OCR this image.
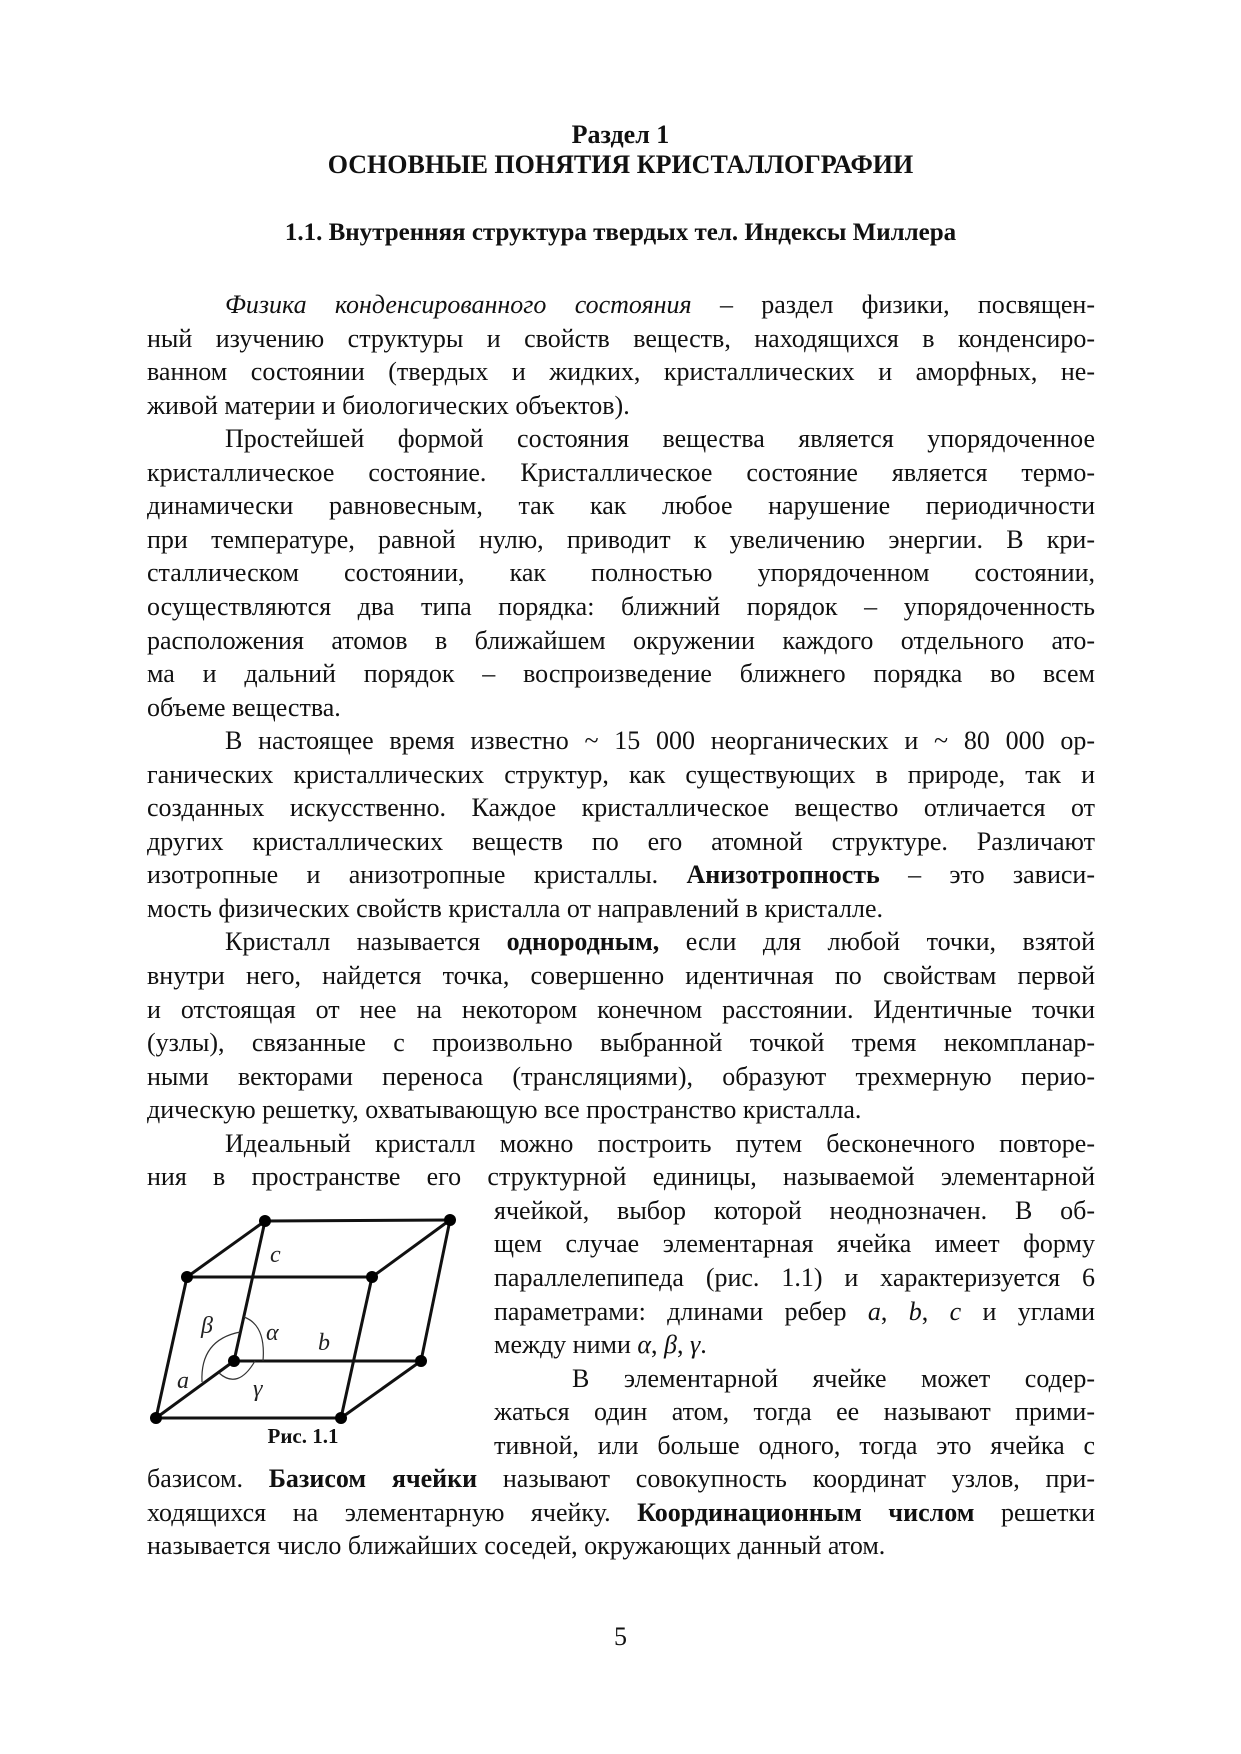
Раздел 1
ОСНОВНЫЕ ПОНЯТИЯ КРИСТАЛЛОГРАФИИ
1.1. Внутренняя структура твердых тел. Индексы Миллера
Физика конденсированного состояния – раздел физики, посвящен-
ный изучению структуры и свойств веществ, находящихся в конденсиро-
ванном состоянии (твердых и жидких, кристаллических и аморфных, не-
живой материи и биологических объектов).
Простейшей формой состояния вещества является упорядоченное
кристаллическое состояние. Кристаллическое состояние является термо-
динамически равновесным, так как любое нарушение периодичности
при температуре, равной нулю, приводит к увеличению энергии. В кри-
сталлическом состоянии, как полностью упорядоченном состоянии,
осуществляются два типа порядка: ближний порядок – упорядоченность
расположения атомов в ближайшем окружении каждого отдельного ато-
ма и дальний порядок – воспроизведение ближнего порядка во всем
объеме вещества.
В настоящее время известно ~ 15 000 неорганических и ~ 80 000 ор-
ганических кристаллических структур, как существующих в природе, так и
созданных искусственно. Каждое кристаллическое вещество отличается от
других кристаллических веществ по его атомной структуре. Различают
изотропные и анизотропные кристаллы. Анизотропность – это зависи-
мость физических свойств кристалла от направлений в кристалле.
Кристалл называется однородным, если для любой точки, взятой
внутри него, найдется точка, совершенно идентичная по свойствам первой
и отстоящая от нее на некотором конечном расстоянии. Идентичные точки
(узлы), связанные с произвольно выбранной точкой тремя некомпланар-
ными векторами переноса (трансляциями), образуют трехмерную перио-
дическую решетку, охватывающую все пространство кристалла.
Идеальный кристалл можно построить путем бесконечного повторе-
ния в пространстве его структурной единицы, называемой элементарной
ячейкой, выбор которой неоднозначен. В об-
щем случае элементарная ячейка имеет форму
параллелепипеда (рис. 1.1) и характеризуется 6
параметрами: длинами ребер a, b, c и углами
между ними α, β, γ.
В элементарной ячейке может содер-
жаться один атом, тогда ее называют прими-
тивной, или больше одного, тогда это ячейка с
базисом. Базисом ячейки называют совокупность координат узлов, при-
ходящихся на элементарную ячейку. Координационным числом решетки
называется число ближайших соседей, окружающих данный атом.
c
β α b
a	γ
Рис. 1.1
5
